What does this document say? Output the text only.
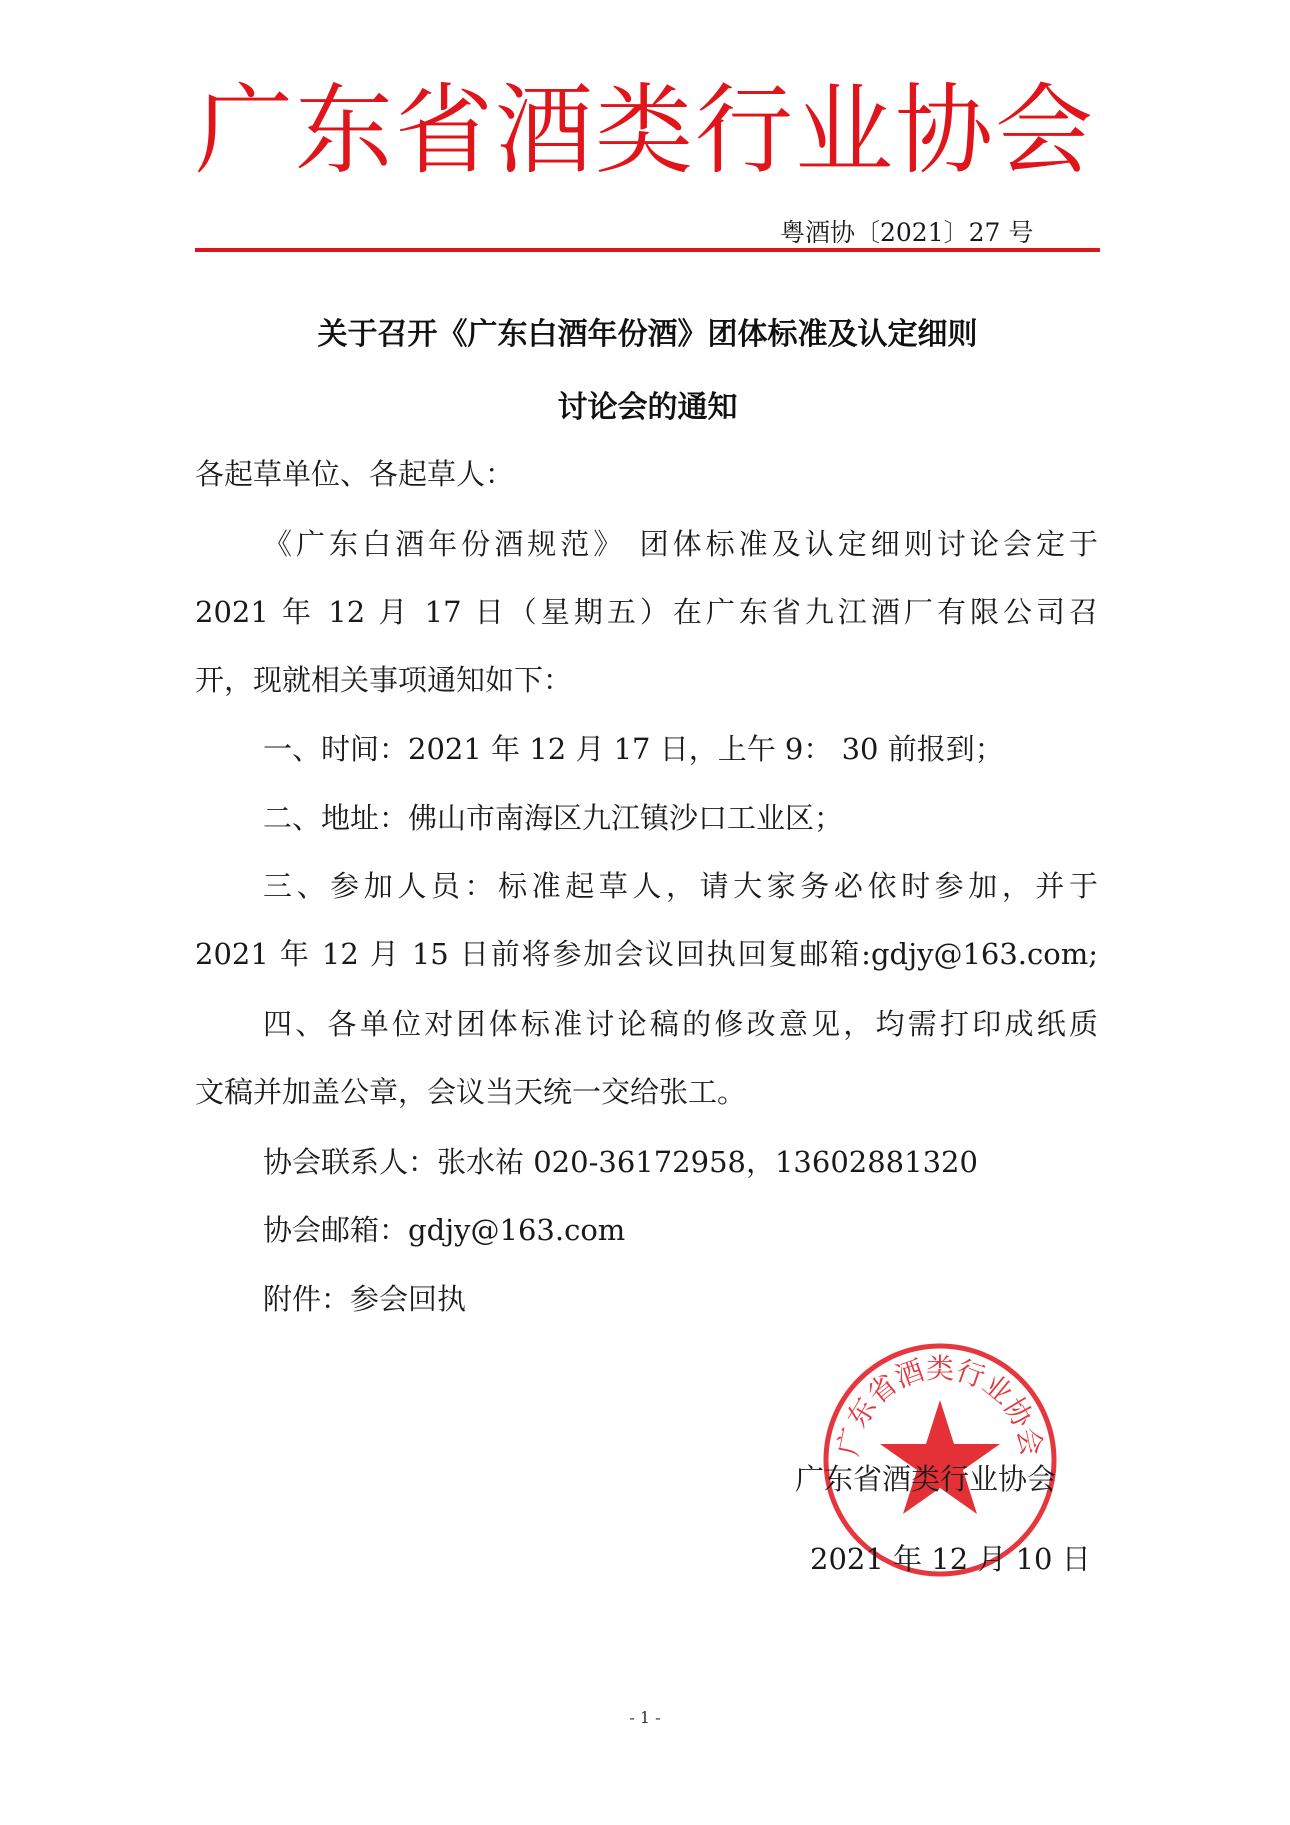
广东省酒类行业协会
粤酒协〔2021〕27 号
关于召开《广东白酒年份酒》团体标准及认定细则
讨论会的通知
各起草单位、各起草人：
《广东白酒年份酒规范》 团体标准及认定细则讨论会定于
2021 年 12 月 17 日（星期五）在广东省九江酒厂有限公司召
开，现就相关事项通知如下：
一、时间：2021 年 12 月 17 日，上午 9： 30 前报到；
二、地址：佛山市南海区九江镇沙口工业区；
三、参加人员：标准起草人，请大家务必依时参加，并于
2021 年 12 月 15 日前将参加会议回执回复邮箱:gdjy@163.com;
四、各单位对团体标准讨论稿的修改意见，均需打印成纸质
文稿并加盖公章，会议当天统一交给张工。
协会联系人：张水祐 020-36172958，13602881320
协会邮箱：gdjy@163.com
附件：参会回执
广东省酒类行业协会
广东省酒类行业协会
2021 年 12 月 10 日
- 1 -
